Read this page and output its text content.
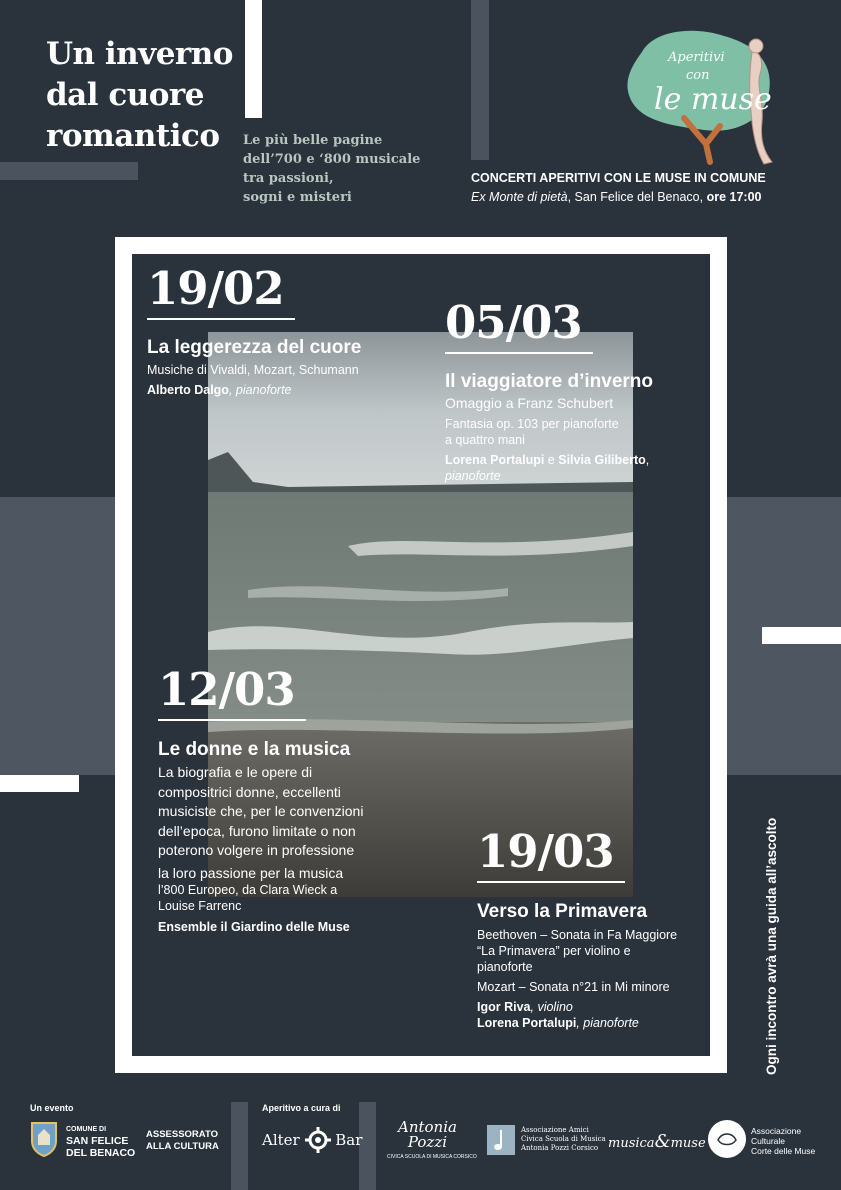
Un inverno
dal cuore
romantico	Le più belle pagine
dell’700 e ‘800 musicale
tra passioni,
sogni e misteri
Aperitivi
con
le muse
CONCERTI APERITIVI CON LE MUSE IN COMUNE
Ex Monte di pietà, San Felice del Benaco, ore 17:00
19/02
La leggerezza del cuore
Musiche di Vivaldi, Mozart, Schumann
Alberto Dalgo, pianoforte
05/03
Il viaggiatore d’inverno
Omaggio a Franz Schubert
Fantasia op. 103 per pianoforte
a quattro mani
Lorena Portalupi e Silvia Giliberto,
pianoforte
12/03
Le donne e la musica
La biografia e le opere di
compositrici donne, eccellenti
musiciste che, per le convenzioni
dell’epoca, furono limitate o non
poterono volgere in professione
la loro passione per la musica
l’800 Europeo, da Clara Wieck a
Louise Farrenc
Ensemble il Giardino delle Muse
19/03
Verso la Primavera
Beethoven – Sonata in Fa Maggiore
“La Primavera” per violino e
pianoforte
Mozart – Sonata n°21 in Mi minore
Igor Riva, violino
Lorena Portalupi, pianoforte	Ogni incontro avrà una guida all’ascolto
Un evento
COMUNE DI
SAN FELICE
DEL BENACO
ASSESSORATO
ALLA CULTURA
Aperitivo a cura di
Alter Bar
Antonia
Pozzi
CIVICA SCUOLA DI MUSICA CORSICO
Associazione Amici
Civica Scuola di Musica
Antonia Pozzi Corsico musica&muse
Associazione
Culturale
Corte delle Muse
